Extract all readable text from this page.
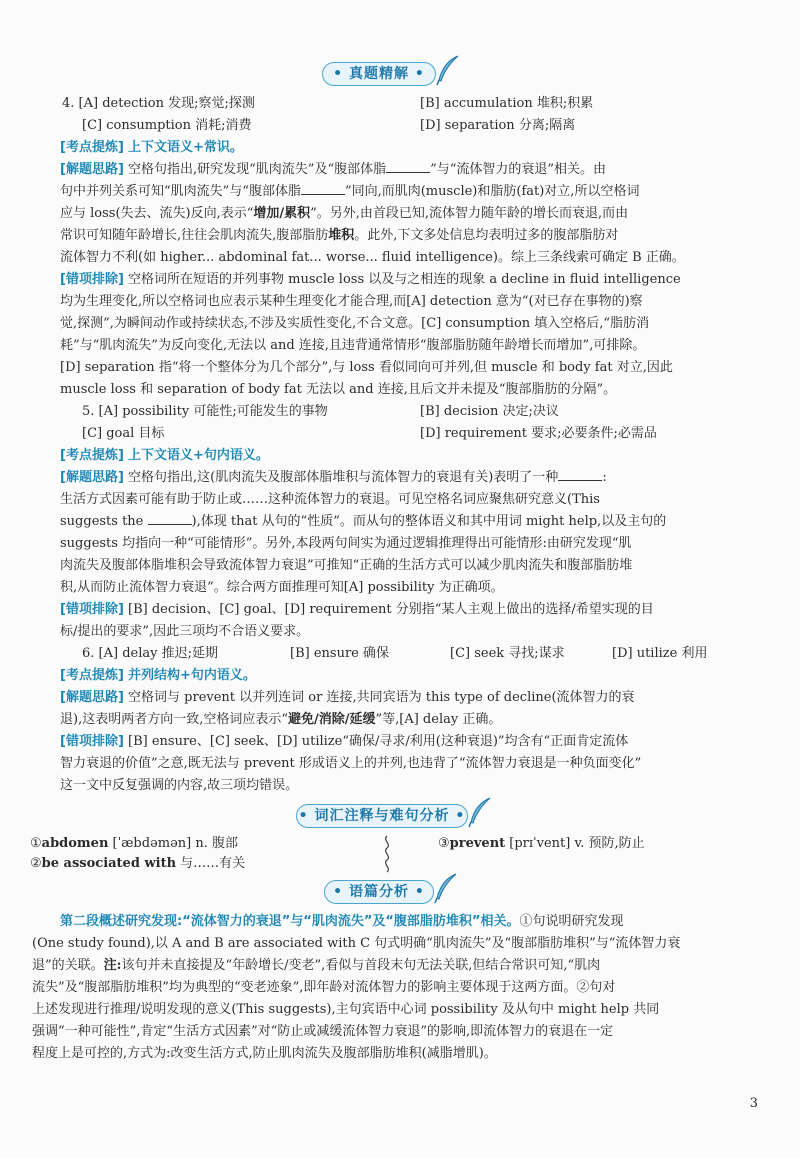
• 真题精解 •
4. [A] detection 发现;察觉;探测	[B] accumulation 堆积;积累
[C] consumption 消耗;消费	[D] separation 分离;隔离
[考点提炼] 上下文语义+常识。
[解题思路] 空格句指出,研究发现“肌肉流失”及“腹部体脂	”与“流体智力的衰退”相关。由
句中并列关系可知“肌肉流失”与“腹部体脂	”同向,而肌肉(muscle)和脂肪(fat)对立,所以空格词
应与 loss(失去、流失)反向,表示“增加/累积”。另外,由首段已知,流体智力随年龄的增长而衰退,而由
常识可知随年龄增长,往往会肌肉流失,腹部脂肪堆积。此外,下文多处信息均表明过多的腹部脂肪对
流体智力不利(如 higher... abdominal fat... worse... fluid intelligence)。综上三条线索可确定 B 正确。
[错项排除] 空格词所在短语的并列事物 muscle loss 以及与之相连的现象 a decline in fluid intelligence
均为生理变化,所以空格词也应表示某种生理变化才能合理,而[A] detection 意为“(对已存在事物的)察
觉,探测”,为瞬间动作或持续状态,不涉及实质性变化,不合文意。[C] consumption 填入空格后,“脂肪消
耗”与“肌肉流失”为反向变化,无法以 and 连接,且违背通常情形“腹部脂肪随年龄增长而增加”,可排除。
[D] separation 指“将一个整体分为几个部分”,与 loss 看似同向可并列,但 muscle 和 body fat 对立,因此
muscle loss 和 separation of body fat 无法以 and 连接,且后文并未提及“腹部脂肪的分隔”。
5. [A] possibility 可能性;可能发生的事物	[B] decision 决定;决议
[C] goal 目标	[D] requirement 要求;必要条件;必需品
[考点提炼] 上下文语义+句内语义。
[解题思路] 空格句指出,这(肌肉流失及腹部体脂堆积与流体智力的衰退有关)表明了一种	:
生活方式因素可能有助于防止或……这种流体智力的衰退。可见空格名词应聚焦研究意义(This
suggests the	),体现 that 从句的“性质”。而从句的整体语义和其中用词 might help,以及主句的
suggests 均指向一种“可能情形”。另外,本段两句间实为通过逻辑推理得出可能情形:由研究发现“肌
肉流失及腹部体脂堆积会导致流体智力衰退”可推知“正确的生活方式可以减少肌肉流失和腹部脂肪堆
积,从而防止流体智力衰退”。综合两方面推理可知[A] possibility 为正确项。
[错项排除] [B] decision、[C] goal、[D] requirement 分别指“某人主观上做出的选择/希望实现的目
标/提出的要求”,因此三项均不合语义要求。
6. [A] delay 推迟;延期	[B] ensure 确保	[C] seek 寻找;谋求	[D] utilize 利用
[考点提炼] 并列结构+句内语义。
[解题思路] 空格词与 prevent 以并列连词 or 连接,共同宾语为 this type of decline(流体智力的衰
退),这表明两者方向一致,空格词应表示“避免/消除/延缓”等,[A] delay 正确。
[错项排除] [B] ensure、[C] seek、[D] utilize“确保/寻求/利用(这种衰退)”均含有“正面肯定流体
智力衰退的价值”之意,既无法与 prevent 形成语义上的并列,也违背了“流体智力衰退是一种负面变化”
这一文中反复强调的内容,故三项均错误。
• 词汇注释与难句分析 •
①abdomen [ˈæbdəmən] n. 腹部
②be associated with 与……有关
③prevent [prɪˈvent] v. 预防,防止
• 语篇分析 •
第二段概述研究发现:“流体智力的衰退”与“肌肉流失”及“腹部脂肪堆积”相关。①句说明研究发现
(One study found),以 A and B are associated with C 句式明确“肌肉流失”及“腹部脂肪堆积”与“流体智力衰
退”的关联。注:该句并未直接提及“年龄增长/变老”,看似与首段末句无法关联,但结合常识可知,“肌肉
流失”及“腹部脂肪堆积”均为典型的“变老迹象”,即年龄对流体智力的影响主要体现于这两方面。②句对
上述发现进行推理/说明发现的意义(This suggests),主句宾语中心词 possibility 及从句中 might help 共同
强调“一种可能性”,肯定“生活方式因素”对“防止或减缓流体智力衰退”的影响,即流体智力的衰退在一定
程度上是可控的,方式为:改变生活方式,防止肌肉流失及腹部脂肪堆积(减脂增肌)。
3
